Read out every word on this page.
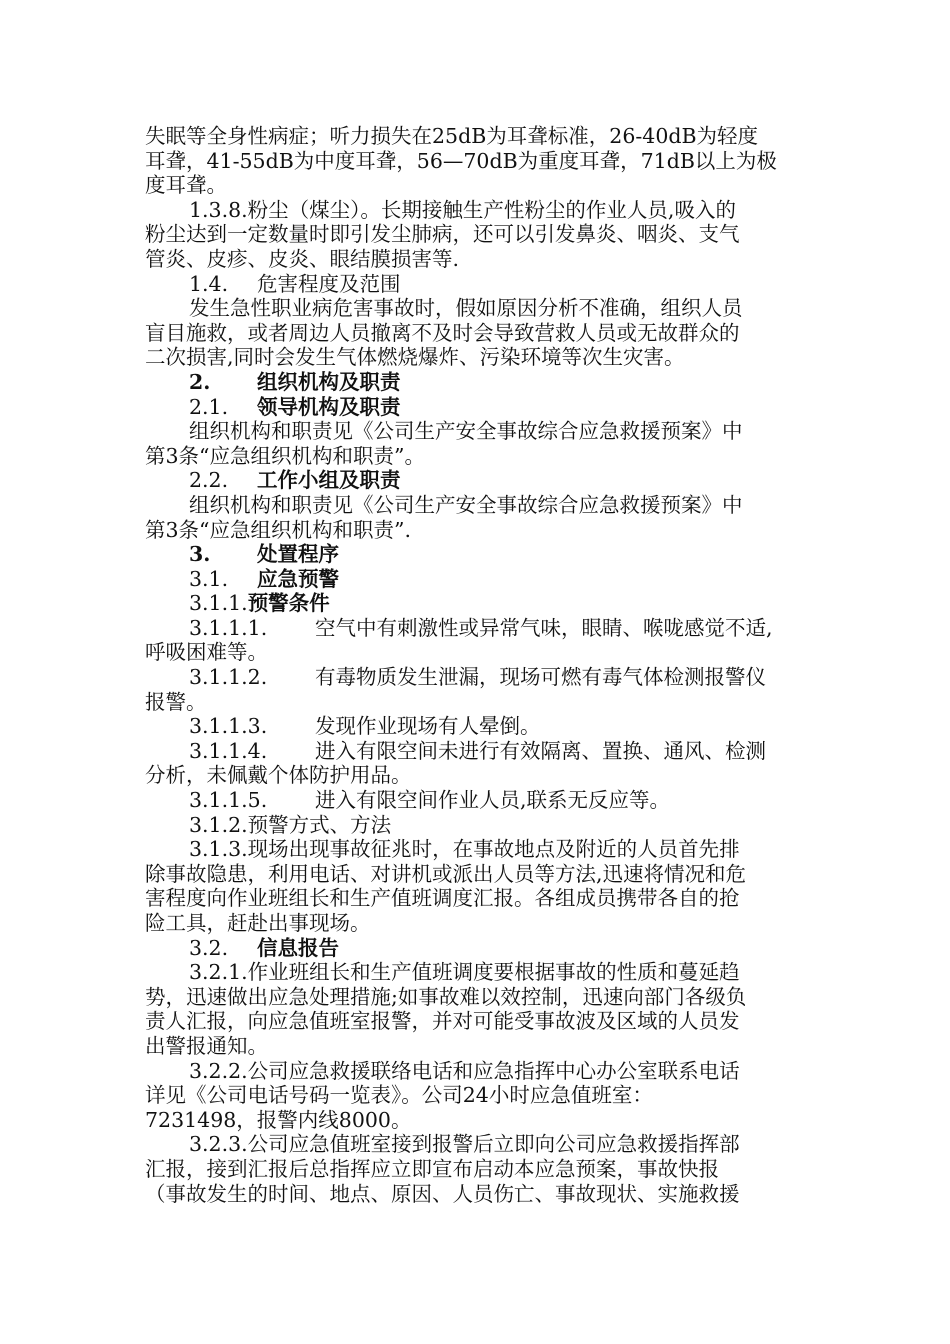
失眠等全身性病症；听力损失在25dB为耳聋标准，26-40dB为轻度
耳聋，41-55dB为中度耳聋，56—70dB为重度耳聋，71dB以上为极
度耳聋。
1.3.8.粉尘（煤尘）。长期接触生产性粉尘的作业人员,吸入的
粉尘达到一定数量时即引发尘肺病，还可以引发鼻炎、咽炎、支气
管炎、皮疹、皮炎、眼结膜损害等.
1.4. 危害程度及范围
发生急性职业病危害事故时，假如原因分析不准确，组织人员
盲目施救，或者周边人员撤离不及时会导致营救人员或无故群众的
二次损害,同时会发生气体燃烧爆炸、污染环境等次生灾害。
2. 组织机构及职责
2.1. 领导机构及职责
组织机构和职责见《公司生产安全事故综合应急救援预案》中
第3条“应急组织机构和职责”。
2.2. 工作小组及职责
组织机构和职责见《公司生产安全事故综合应急救援预案》中
第3条“应急组织机构和职责”.
3. 处置程序
3.1. 应急预警
3.1.1.预警条件
3.1.1.1. 空气中有刺激性或异常气味，眼睛、喉咙感觉不适,
呼吸困难等。
3.1.1.2. 有毒物质发生泄漏，现场可燃有毒气体检测报警仪
报警。
3.1.1.3. 发现作业现场有人晕倒。
3.1.1.4. 进入有限空间未进行有效隔离、置换、通风、检测
分析，未佩戴个体防护用品。
3.1.1.5. 进入有限空间作业人员,联系无反应等。
3.1.2.预警方式、方法
3.1.3.现场出现事故征兆时，在事故地点及附近的人员首先排
除事故隐患，利用电话、对讲机或派出人员等方法,迅速将情况和危
害程度向作业班组长和生产值班调度汇报。各组成员携带各自的抢
险工具，赶赴出事现场。
3.2. 信息报告
3.2.1.作业班组长和生产值班调度要根据事故的性质和蔓延趋
势，迅速做出应急处理措施;如事故难以效控制，迅速向部门各级负
责人汇报，向应急值班室报警，并对可能受事故波及区域的人员发
出警报通知。
3.2.2.公司应急救援联络电话和应急指挥中心办公室联系电话
详见《公司电话号码一览表》。公司24小时应急值班室：
7231498，报警内线8000。
3.2.3.公司应急值班室接到报警后立即向公司应急救援指挥部
汇报，接到汇报后总指挥应立即宣布启动本应急预案，事故快报
（事故发生的时间、地点、原因、人员伤亡、事故现状、实施救援
